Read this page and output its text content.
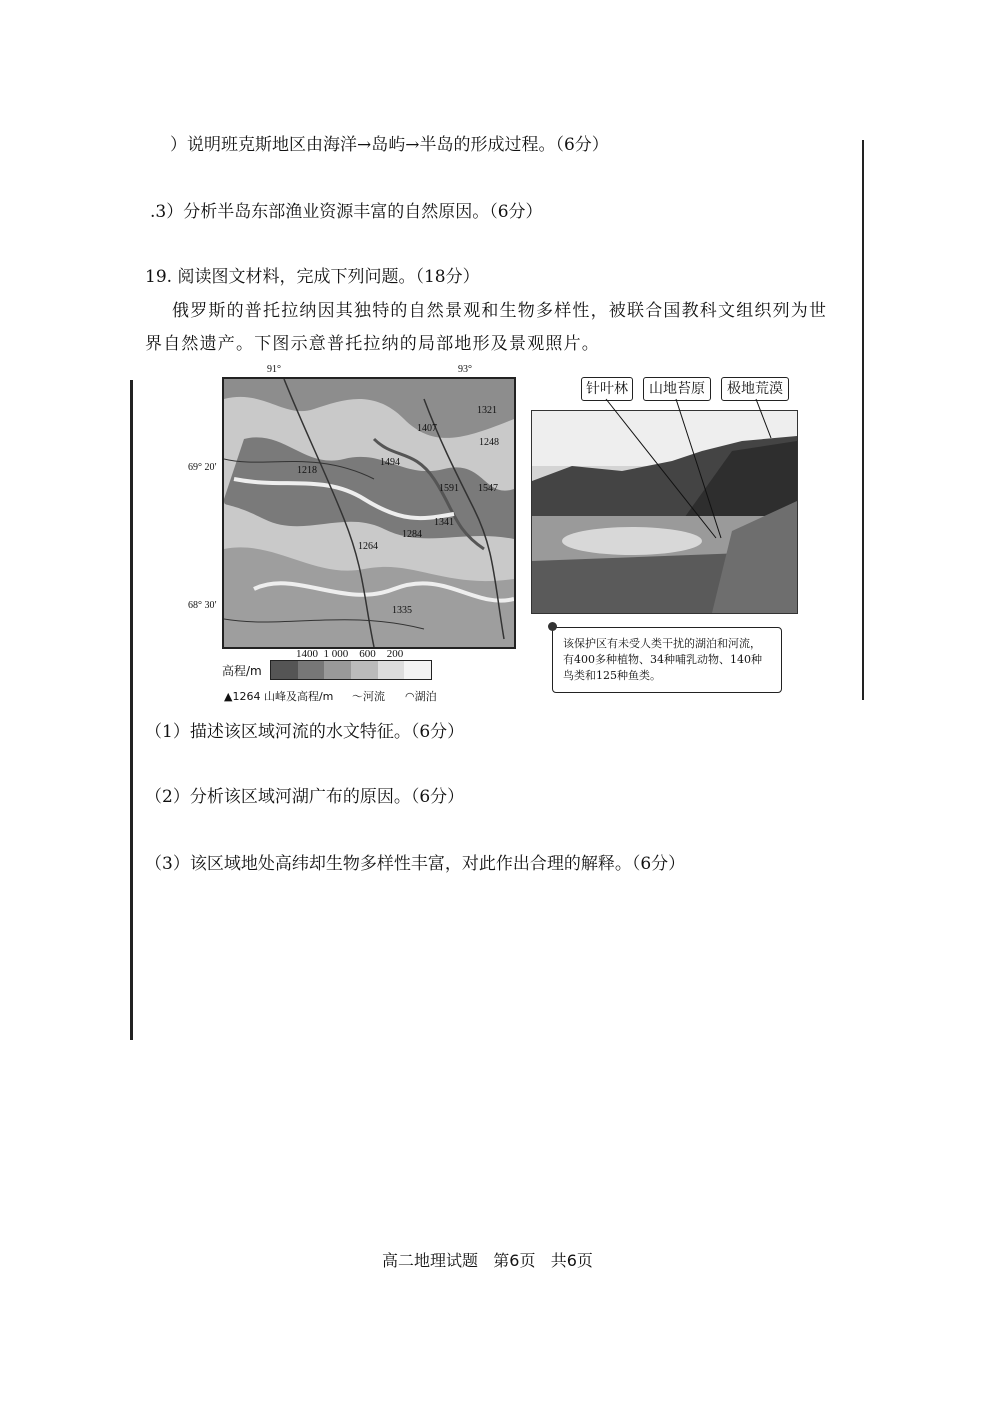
）说明班克斯地区由海洋→岛屿→半岛的形成过程。（6分）
.3）分析半岛东部渔业资源丰富的自然原因。（6分）
19. 阅读图文材料，完成下列问题。（18分）
俄罗斯的普托拉纳因其独特的自然景观和生物多样性，被联合国教科文组织列为世
界自然遗产。下图示意普托拉纳的局部地形及景观照片。
91°	93°
69° 20′
68° 30′
1321
1407
1248
1218
1494
1591 1547
1341
1284
1264
1335
1400 1 000 600 200
高程/m
▲1264 山峰及高程/m 〜河流 ◠湖泊
针叶林	山地苔原	极地荒漠
该保护区有未受人类干扰的湖泊和河流，有400多种植物、34种哺乳动物、140种鸟类和125种鱼类。
（1）描述该区域河流的水文特征。（6分）
（2）分析该区域河湖广布的原因。（6分）
（3）该区域地处高纬却生物多样性丰富，对此作出合理的解释。（6分）
高二地理试题   第6页   共6页
